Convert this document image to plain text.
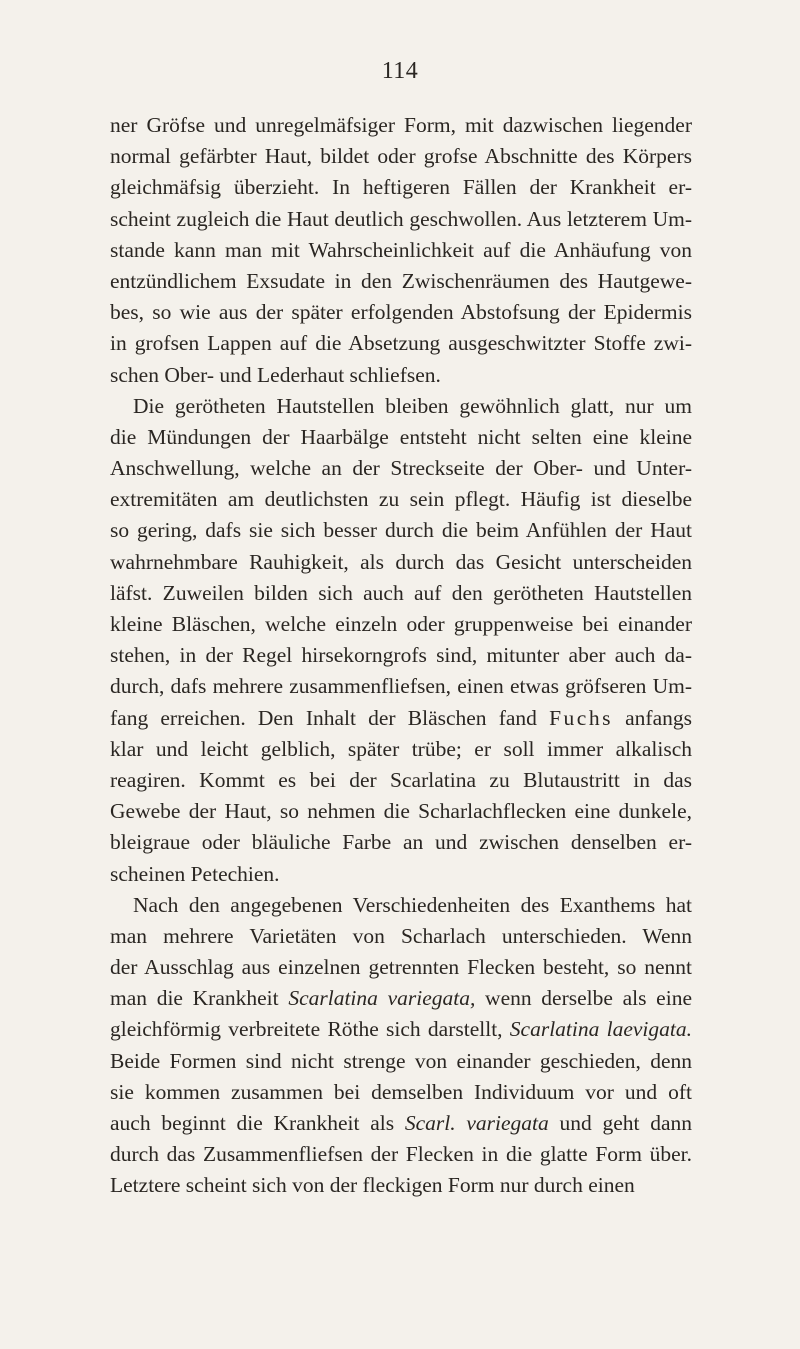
114
ner Gröfse und unregelmäfsiger Form, mit dazwischen liegender
normal gefärbter Haut, bildet oder grofse Abschnitte des Körpers
gleichmäfsig überzieht. In heftigeren Fällen der Krankheit er-
scheint zugleich die Haut deutlich geschwollen. Aus letzterem Um-
stande kann man mit Wahrscheinlichkeit auf die Anhäufung von
entzündlichem Exsudate in den Zwischenräumen des Hautgewe-
bes, so wie aus der später erfolgenden Abstofsung der Epidermis
in grofsen Lappen auf die Absetzung ausgeschwitzter Stoffe zwi-
schen Ober- und Lederhaut schliefsen.
Die gerötheten Hautstellen bleiben gewöhnlich glatt, nur um
die Mündungen der Haarbälge entsteht nicht selten eine kleine
Anschwellung, welche an der Streckseite der Ober- und Unter-
extremitäten am deutlichsten zu sein pflegt. Häufig ist dieselbe
so gering, dafs sie sich besser durch die beim Anfühlen der Haut
wahrnehmbare Rauhigkeit, als durch das Gesicht unterscheiden
läfst. Zuweilen bilden sich auch auf den gerötheten Hautstellen
kleine Bläschen, welche einzeln oder gruppenweise bei einander
stehen, in der Regel hirsekorngrofs sind, mitunter aber auch da-
durch, dafs mehrere zusammenfliefsen, einen etwas gröfseren Um-
fang erreichen. Den Inhalt der Bläschen fand Fuchs anfangs
klar und leicht gelblich, später trübe; er soll immer alkalisch
reagiren. Kommt es bei der Scarlatina zu Blutaustritt in das
Gewebe der Haut, so nehmen die Scharlachflecken eine dunkele,
bleigraue oder bläuliche Farbe an und zwischen denselben er-
scheinen Petechien.
Nach den angegebenen Verschiedenheiten des Exanthems hat
man mehrere Varietäten von Scharlach unterschieden. Wenn
der Ausschlag aus einzelnen getrennten Flecken besteht, so nennt
man die Krankheit Scarlatina variegata, wenn derselbe als eine
gleichförmig verbreitete Röthe sich darstellt, Scarlatina laevigata.
Beide Formen sind nicht strenge von einander geschieden, denn
sie kommen zusammen bei demselben Individuum vor und oft
auch beginnt die Krankheit als Scarl. variegata und geht dann
durch das Zusammenfliefsen der Flecken in die glatte Form über.
Letztere scheint sich von der fleckigen Form nur durch einen
